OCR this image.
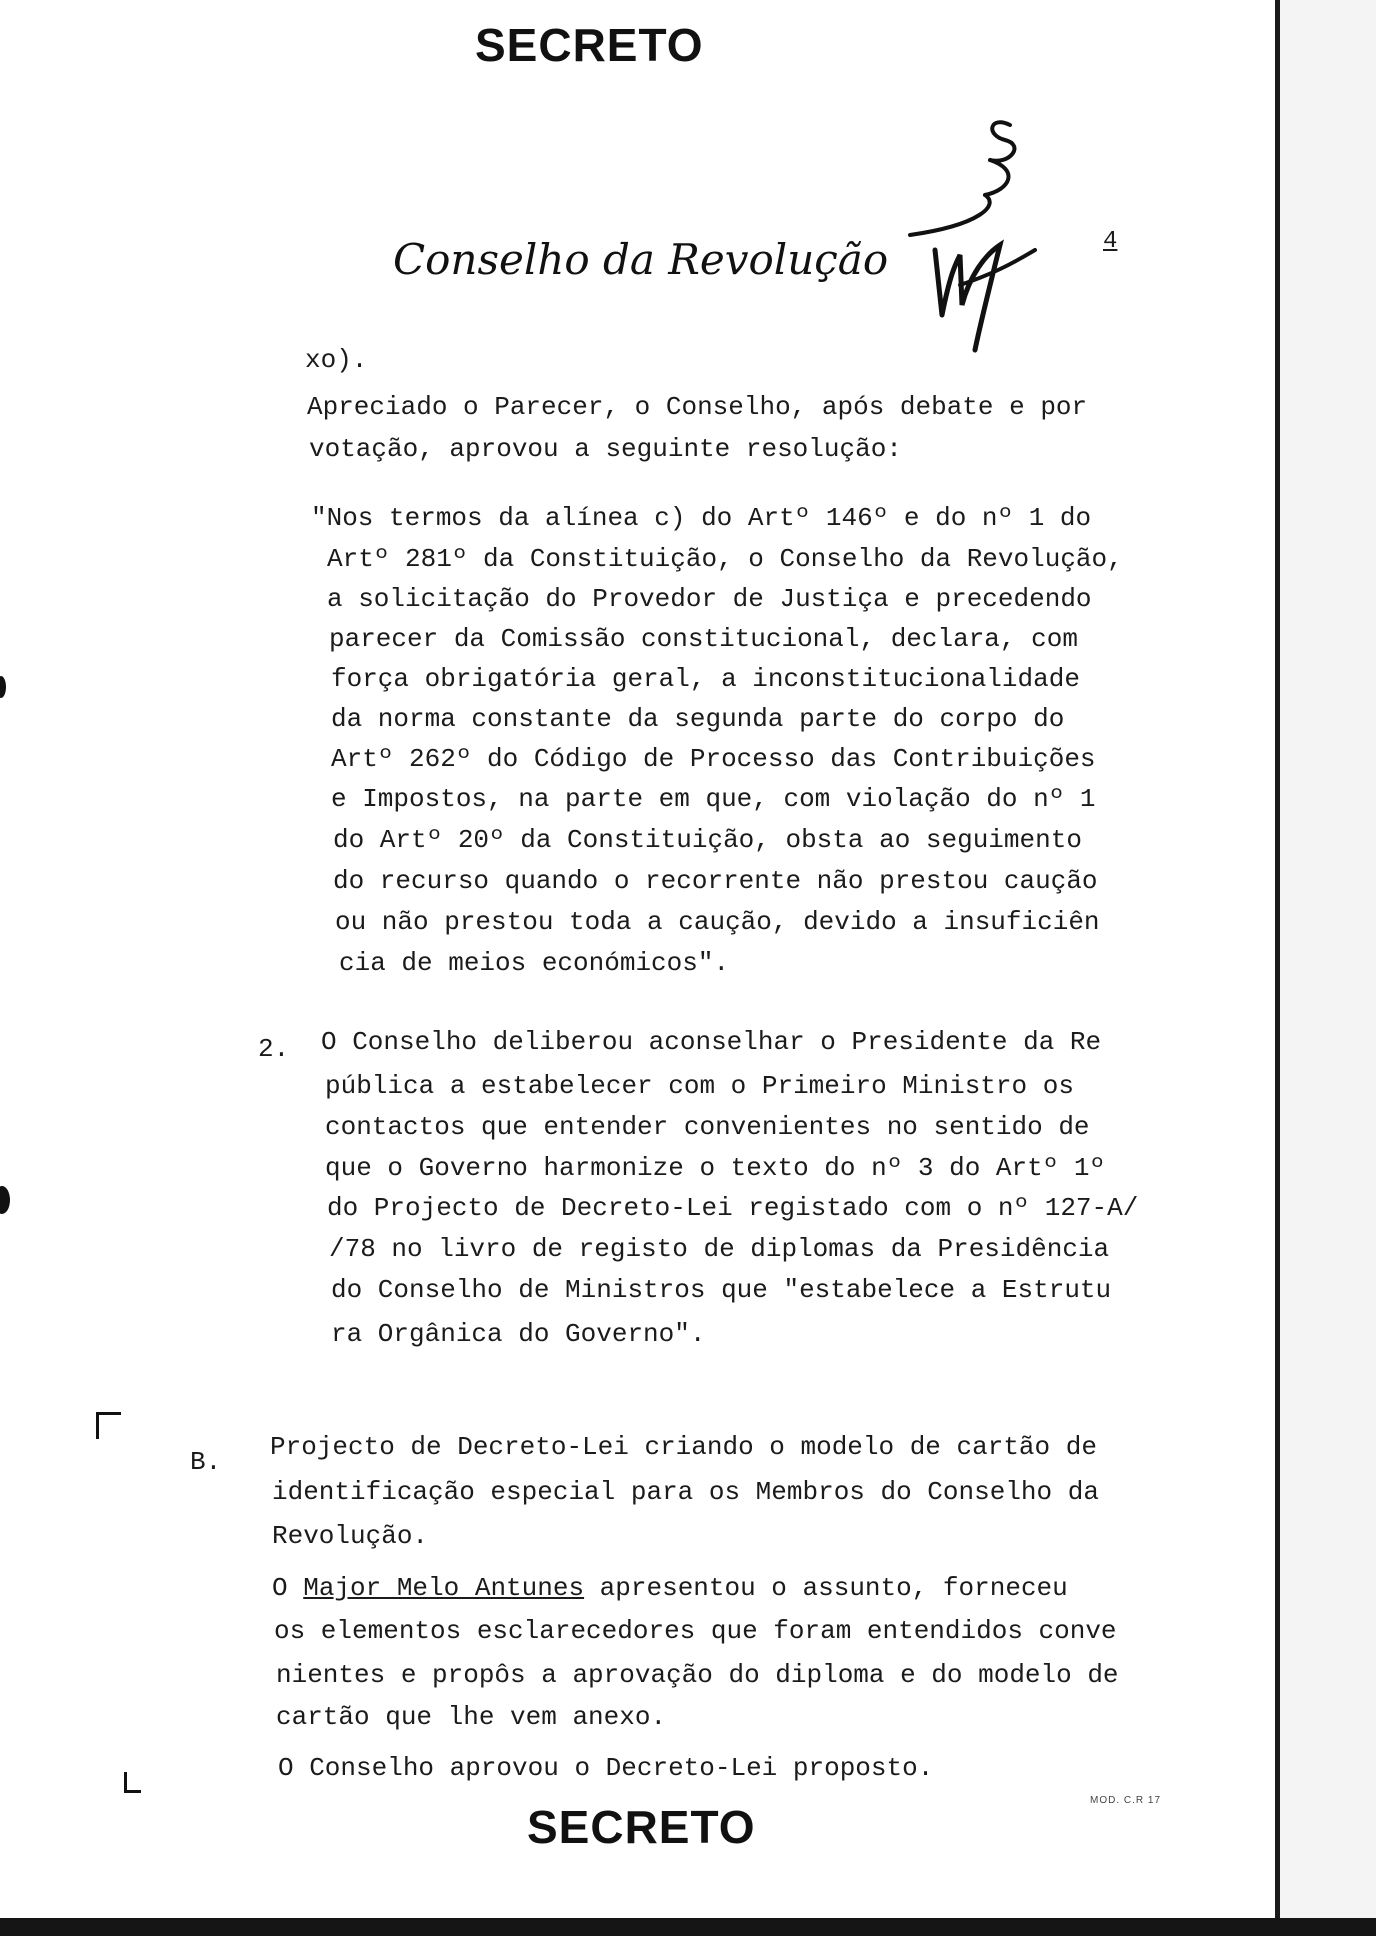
SECRETO
Conselho da Revolução	4
xo).
Apreciado o Parecer, o Conselho, após debate e por
votação, aprovou a seguinte resolução:
"Nos termos da alínea c) do Artº 146º e do nº 1 do
Artº 281º da Constituição, o Conselho da Revolução,
a solicitação do Provedor de Justiça e precedendo
parecer da Comissão constitucional, declara, com
força obrigatória geral, a inconstitucionalidade
da norma constante da segunda parte do corpo do
Artº 262º do Código de Processo das Contribuições
e Impostos, na parte em que, com violação do nº 1
do Artº 20º da Constituição, obsta ao seguimento
do recurso quando o recorrente não prestou caução
ou não prestou toda a caução, devido a insuficiên
cia de meios económicos".
2. O Conselho deliberou aconselhar o Presidente da Re
pública a estabelecer com o Primeiro Ministro os
contactos que entender convenientes no sentido de
que o Governo harmonize o texto do nº 3 do Artº 1º
do Projecto de Decreto-Lei registado com o nº 127-A/
/78 no livro de registo de diplomas da Presidência
do Conselho de Ministros que "estabelece a Estrutu
ra Orgânica do Governo".
B. Projecto de Decreto-Lei criando o modelo de cartão de
identificação especial para os Membros do Conselho da
Revolução.
O Major Melo Antunes apresentou o assunto, forneceu
os elementos esclarecedores que foram entendidos conve
nientes e propôs a aprovação do diploma e do modelo de
cartão que lhe vem anexo.
O Conselho aprovou o Decreto-Lei proposto.
SECRETO
MOD. C.R 17
